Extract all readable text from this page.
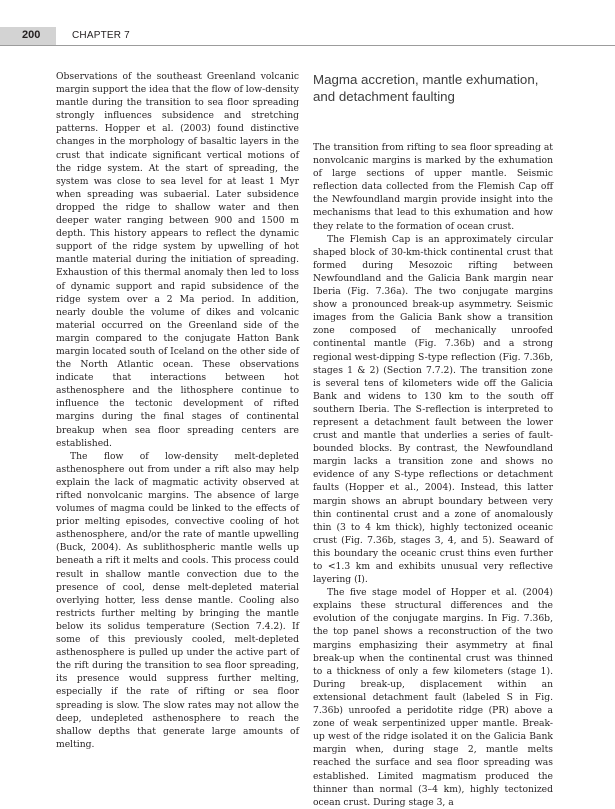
200	CHAPTER 7

Observations of the southeast Greenland volcanic margin support the idea that the flow of low-density mantle during the transition to sea floor spreading strongly influences subsidence and stretching patterns. Hopper et al. (2003) found distinctive changes in the morphology of basaltic layers in the crust that indicate significant vertical motions of the ridge system. At the start of spreading, the system was close to sea level for at least 1 Myr when spreading was subaerial. Later subsidence dropped the ridge to shallow water and then deeper water ranging between 900 and 1500 m depth. This history appears to reflect the dynamic support of the ridge system by upwelling of hot mantle material during the initiation of spreading. Exhaustion of this thermal anomaly then led to loss of dynamic support and rapid subsidence of the ridge system over a 2 Ma period. In addition, nearly double the volume of dikes and volcanic material occurred on the Greenland side of the margin compared to the conjugate Hatton Bank margin located south of Iceland on the other side of the North Atlantic ocean. These observations indicate that interactions between hot asthenosphere and the lithosphere continue to influence the tectonic development of rifted margins during the final stages of continental breakup when sea floor spreading centers are established.

The flow of low-density melt-depleted asthenosphere out from under a rift also may help explain the lack of magmatic activity observed at rifted nonvolcanic margins. The absence of large volumes of magma could be linked to the effects of prior melting episodes, convective cooling of hot asthenosphere, and/or the rate of mantle upwelling (Buck, 2004). As sublithospheric mantle wells up beneath a rift it melts and cools. This process could result in shallow mantle convection due to the presence of cool, dense melt-depleted material overlying hotter, less dense mantle. Cooling also restricts further melting by bringing the mantle below its solidus temperature (Section 7.4.2). If some of this previously cooled, melt-depleted asthenosphere is pulled up under the active part of the rift during the transition to sea floor spreading, its presence would suppress further melting, especially if the rate of rifting or sea floor spreading is slow. The slow rates may not allow the deep, undepleted asthenosphere to reach the shallow depths that generate large amounts of melting.

Magma accretion, mantle exhumation, and detachment faulting

The transition from rifting to sea floor spreading at nonvolcanic margins is marked by the exhumation of large sections of upper mantle. Seismic reflection data collected from the Flemish Cap off the Newfoundland margin provide insight into the mechanisms that lead to this exhumation and how they relate to the formation of ocean crust.

The Flemish Cap is an approximately circular shaped block of 30-km-thick continental crust that formed during Mesozoic rifting between Newfoundland and the Galicia Bank margin near Iberia (Fig. 7.36a). The two conjugate margins show a pronounced break-up asymmetry. Seismic images from the Galicia Bank show a transition zone composed of mechanically unroofed continental mantle (Fig. 7.36b) and a strong regional west-dipping S-type reflection (Fig. 7.36b, stages 1 & 2) (Section 7.7.2). The transition zone is several tens of kilometers wide off the Galicia Bank and widens to 130 km to the south off southern Iberia. The S-reflection is interpreted to represent a detachment fault between the lower crust and mantle that underlies a series of fault-bounded blocks. By contrast, the Newfoundland margin lacks a transition zone and shows no evidence of any S-type reflections or detachment faults (Hopper et al., 2004). Instead, this latter margin shows an abrupt boundary between very thin continental crust and a zone of anomalously thin (3 to 4 km thick), highly tectonized oceanic crust (Fig. 7.36b, stages 3, 4, and 5). Seaward of this boundary the oceanic crust thins even further to <1.3 km and exhibits unusual very reflective layering (I).

The five stage model of Hopper et al. (2004) explains these structural differences and the evolution of the conjugate margins. In Fig. 7.36b, the top panel shows a reconstruction of the two margins emphasizing their asymmetry at final break-up when the continental crust was thinned to a thickness of only a few kilometers (stage 1). During break-up, displacement within an extensional detachment fault (labeled S in Fig. 7.36b) unroofed a peridotite ridge (PR) above a zone of weak serpentinized upper mantle. Break-up west of the ridge isolated it on the Galicia Bank margin when, during stage 2, mantle melts reached the surface and sea floor spreading was established. Limited magmatism produced the thinner than normal (3–4 km), highly tectonized ocean crust. During stage 3, a
